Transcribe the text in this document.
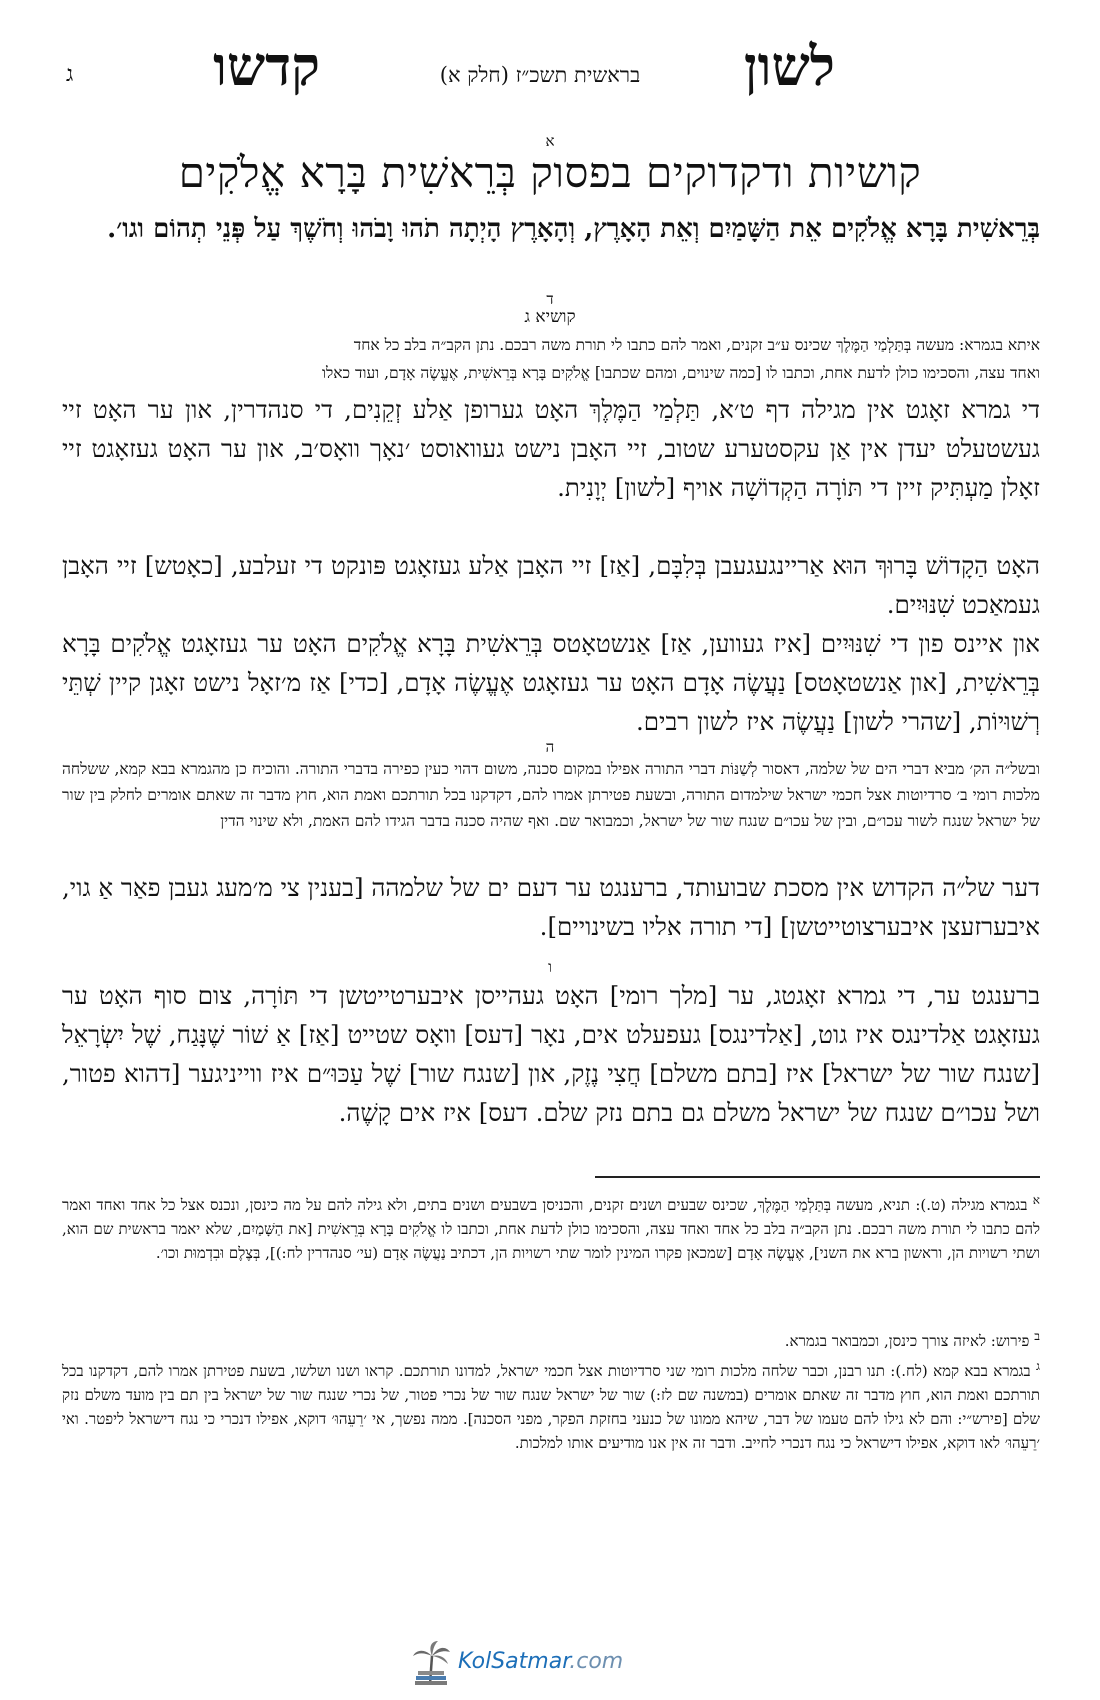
לשון
בראשית תשכ״ז (חלק א)
קדשו
ג
א
קושיות ודקדוקים בפסוק בְּרֵאשִׁית בָּרָא אֱלֹקִים
בְּרֵאשִׁית בָּרָא אֱלֹקִים אֵת הַשָּׁמַיִם וְאֵת הָאָרֶץ, וְהָאָרֶץ הָיְתָה תֹהוּ וָבֹהוּ וְחֹשֶׁךְ עַל פְּנֵי תְהוֹם וגו׳.
ד
קושיא ג
איתא בגמרא: מעשה בְּתַּלְמַי הַמֶּלֶךְ שכינס ע״ב זקנים, ואמר להם כתבו לי תורת משה רבכם. נתן הקב״ה בלב כל אחד
ואחד עצה, והסכימו כולן לדעת אחת, וכתבו לו [כמה שינוים, ומהם שכתבו] אֱלֹקִים בָּרָא בְּרֵאשִׁית, אֶעֱשֶׂה אָדָם, ועוד כאלו
די גמרא זאָגט אין מגילה דף ט׳א, תַּלְמַי הַמֶּלֶךְ האָט גערופן אַלע זְקֵנִים, די סנהדרין, און ער האָט זיי געשטעלט יעדן אין אַן עקסטערע שטוב, זיי האָבן נישט געוואוסט ׳נאָך וואָס׳ב, און ער האָט געזאָגט זיי זאָלן מַעְתִּיק זיין די תּוֹרָה הַקְדוֹשָׁה אויף [לשון] יְוָנִית.
האָט הַקָדוֹשׁ בָּרוּךְ הוּא אַריינגעגעבן בְּלִבָּם, [אַז] זיי האָבן אַלע געזאָגט פּונקט די זעלבע, [כאָטש] זיי האָבן געמאַכט שִׁנּוּיִים.
און איינס פון די שִׁנּוּיִים [איז געווען, אַז] אַנשטאָטס בְּרֵאשִׁית בָּרָא אֱלֹקִים האָט ער געזאָגט אֱלֹקִים בָּרָא בְּרֵאשִׁית, [און אַנשטאָטס] נַעֲשֶׂה אָדָם האָט ער געזאָגט אֶעֱשֶׂה אָדָם, [כדי] אַז מ׳זאָל נישט זאָגן קיין שְׁתֵּי רְשׁוּיוֹת, [שהרי לשון] נַעֲשֶׂה איז לשון רבים.
ה
ובשל״ה הק׳ מביא דברי הים של שלמה, דאסור לְשַׁנּוֹת דברי התורה אפילו במקום סכנה, משום דהוי כעין כפירה בדברי התורה. והוכיח כן מהגמרא בבא קמא, ששלחה מלכות רומי ב׳ סרדיוטות אצל חכמי ישראל שילמדום התורה, ובשעת פטירתן אמרו להם, דקדקנו בכל תורתכם ואמת הוא, חוץ מדבר זה שאתם אומרים לחלק בין שור של ישראל שנגח לשור עכו״ם, ובין של עכו״ם שנגח שור של ישראל, וכמבואר שם. ואף שהיה סכנה בדבר הגידו להם האמת, ולא שינוי הדין
דער של״ה הקדוש אין מסכת שבועותד, ברענגט ער דעם ים של שלמהה [בענין צי מ׳מעג געבן פאַר אַ גוי, איבערזעצן איבערצוטייטשן] [די תורה אליו בשינויים].
ו
ברענגט ער, די גמרא זאָגטג, ער [מלך רומי] האָט געהייסן איבערטייטשן די תּוֹרָה, צום סוף האָט ער געזאָגט אַלדינגס איז גוט, [אַלדינגס] געפעלט אים, נאָר [דעס] וואָס שטייט [אַז] אַ שׁוֹר שֶׁנָּגַח, שֶׁל יִשְׂרָאֵל [שנגח שור של ישראל] איז [בתם משלם] חֲצִי נֶזֶק, און [שנגח שור] שֶׁל עַכּוּ״ם איז ווייניגער [דהוא פטור, ושל עכו״ם שנגח של ישראל משלם גם בתם נזק שלם. דעס] איז אים קָשֶׁה.
$^א$ בגמרא מגילה (ט.): תניא, מעשה בְּתַּלְמַי הַמֶּלֶךְ, שכינס שבעים ושנים זקנים, והכניסן בשבעים ושנים בתים, ולא גילה להם על מה כינסן, ונכנס אצל כל אחד ואחד ואמר להם כתבו לי תורת משה רבכם. נתן הקב״ה בלב כל אחד ואחד עצה, והסכימו כולן לדעת אחת, וכתבו לו אֱלֹקִים בָּרָא בְּרֵאשִׁית [את הַשָּׁמַיִם, שלא יאמר בראשית שם הוא, ושתי רשויות הן, וראשון ברא את השני], אֶעֱשֶׂה אָדָם [שמכאן פקרו המינין לומר שתי רשויות הן, דכתיב נַעֲשֶׂה אָדָם (עי׳ סנהדרין לח:)], בְּצֶלֶם וּבִדְמוּת וכו׳.
$^ב$ פירוש: לאיזה צורך כינסן, וכמבואר בגמרא.
$^ג$ בגמרא בבא קמא (לח.): תנו רבנן, וכבר שלחה מלכות רומי שני סרדיוטות אצל חכמי ישראל, למדונו תורתכם. קראו ושנו ושלשו, בשעת פטירתן אמרו להם, דקדקנו בכל תורתכם ואמת הוא, חוץ מדבר זה שאתם אומרים (במשנה שם לז:) שור של ישראל שנגח שור של נכרי פטור, של נכרי שנגח שור של ישראל בין תם בין מועד משלם נזק שלם [פירש״י: והם לא גילו להם טעמו של דבר, שיהא ממונו של כנעני בחזקת הפקר, מפני הסכנה]. ממה נפשך, אי ׳רֵעֵהוּ׳ דוקא, אפילו דנכרי כי נגח דישראל ליפטר. ואי ׳רֵעֵהוּ׳ לאו דוקא, אפילו דישראל כי נגח דנכרי לחייב. ודבר זה אין אנו מודיעים אותו למלכות.
KolSatmar.com
